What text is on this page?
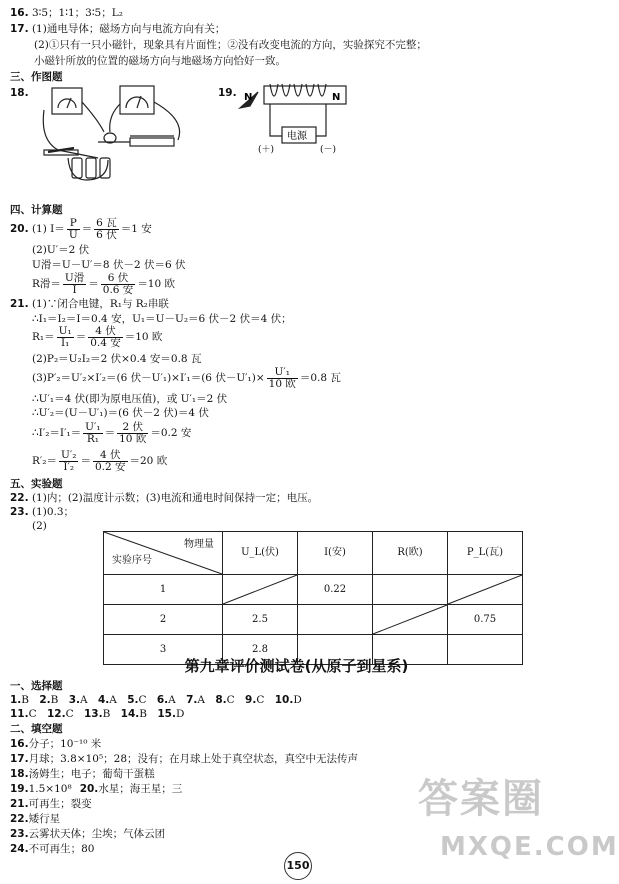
16. 3∶5；1∶1；3∶5；L₂
17. (1)通电导体；磁场方向与电流方向有关；
(2)①只有一只小磁针，现象具有片面性；②没有改变电流的方向，实验探究不完整；
小磁针所放的位置的磁场方向与地磁场方向恰好一致。
三、作图题
18.	19. N	N
电源
(＋)	(－)
四、计算题
20. (1) $I= \frac{P}{U} = \frac{\text{6 瓦}}{\text{6 伏}} =1$ 安
(2)U′＝2 伏
U滑＝U－U′＝8 伏－2 伏＝6 伏
R滑＝ $\frac{\text{U滑}}{I} = \frac{\text{6 伏}}{\text{0.6 安}} =10$ 欧
21. (1)∵闭合电键，R₁与 R₂串联
∴I₁＝I₂＝I＝0.4 安，U₁＝U－U₂＝6 伏－2 伏＝4 伏；
$R_1= \frac{\text{U₁}}{\text{I₁}} = \frac{\text{4 伏}}{\text{0.4 安}} =10$ 欧
(2)P₂＝U₂I₂＝2 伏×0.4 安＝0.8 瓦
(3)P′₂＝U′₂×I′₂＝(6 伏－U′₁)×I′₁＝(6 伏$-U'_1)\times \frac{\text{U′₁}}{\text{10 欧}} =0.8$ 瓦
∴U′₁＝4 伏(即为原电压值)，或 U′₁＝2 伏
∴U′₂＝(U－U′₁)＝(6 伏－2 伏)＝4 伏
∴I′₂＝I′₁＝ $\frac{\text{U′₁}}{\text{R₁}} = \frac{\text{2 伏}}{\text{10 欧}} =0.2$ 安
$R'_2= \frac{\text{U′₂}}{\text{I′₂}} = \frac{\text{4 伏}}{\text{0.2 安}} =20$ 欧
五、实验题
22. (1)内；(2)温度计示数；(3)电流和通电时间保持一定；电压。
23. (1)0.3；
(2)
物理量
实验序号	U_L(伏)	I(安)	R(欧)	P_L(瓦)
1		0.22		

2	2.5			0.75
3	2.8			
第九章评价测试卷(从原子到星系)
一、选择题
1.B 2.B 3.A 4.A 5.C 6.A 7.A 8.C 9.C 10.D
11.C 12.C 13.B 14.B 15.D
二、填空题
16.分子；10⁻¹⁰ 米
17.月球；3.8×10⁵；28；没有；在月球上处于真空状态，真空中无法传声
18.汤姆生；电子；葡萄干蛋糕
19.1.5×10⁸ 20.水星；海王星；三
21.可再生；裂变
22.矮行星
23.云雾状天体；尘埃；气体云团
24.不可再生；80
150
答案圈
MXQE.COM
